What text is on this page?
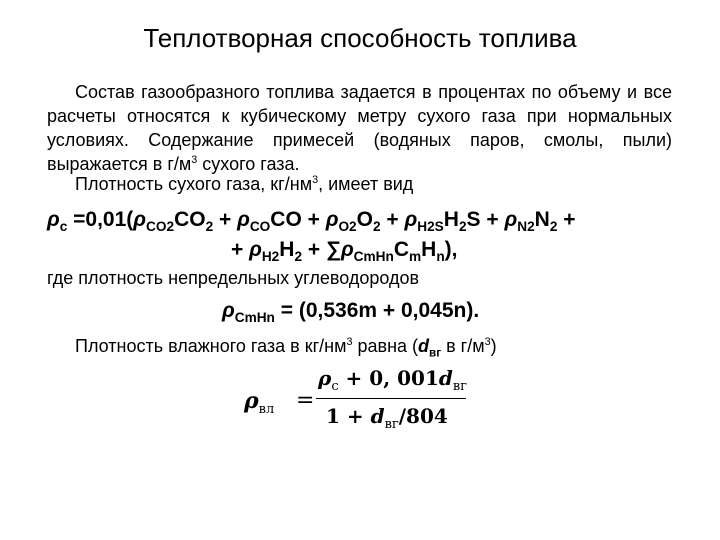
Теплотворная способность топлива
Состав газообразного топлива задается в процентах по объему и все расчеты относятся к кубическому метру сухого газа при нормальных условиях. Содержание примесей (водяных паров, смолы, пыли) выражается в $г/м^3$ сухого газа.
Плотность сухого газа, $кг/нм^3$, имеет вид
$\rho_с =0,01(\rho_{CO2}CO_2 + \rho_{CO}CO + \rho_{O2}O_2 + \rho_{H2S}H_2S + \rho_{N2}N_2$ +
+ $\rho_{H2}H_2 + \sum\rho_{CmHn}C_mH_n$),
где плотность непредельных углеводородов
$\rho_{CmHn} = (0,536m + 0,045n)$.
Плотность влажного газа в $кг/нм^3$ равна ($d_{вг}$ в $г/м^3$)
$\rho_{вл}$ =
$\rho_с + 0$, $001d_{вг}$
$1 + d_{вг}/804$
